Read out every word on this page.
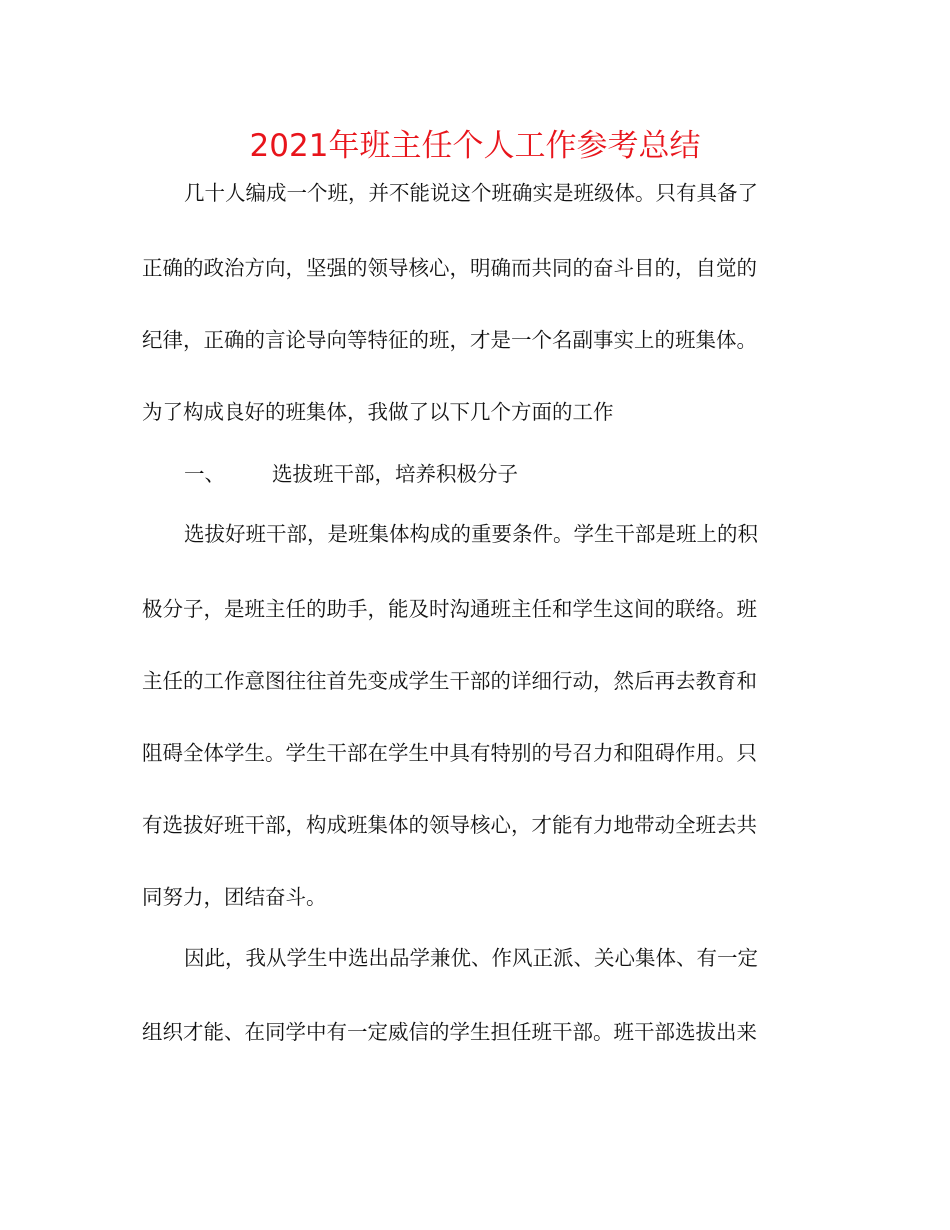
2021年班主任个人工作参考总结
几十人编成一个班，并不能说这个班确实是班级体。只有具备了
正确的政治方向，坚强的领导核心，明确而共同的奋斗目的，自觉的
纪律，正确的言论导向等特征的班，才是一个名副事实上的班集体。
为了构成良好的班集体，我做了以下几个方面的工作
一、 选拔班干部，培养积极分子
选拔好班干部，是班集体构成的重要条件。学生干部是班上的积
极分子，是班主任的助手，能及时沟通班主任和学生这间的联络。班
主任的工作意图往往首先变成学生干部的详细行动，然后再去教育和
阻碍全体学生。学生干部在学生中具有特别的号召力和阻碍作用。只
有选拔好班干部，构成班集体的领导核心，才能有力地带动全班去共
同努力，团结奋斗。
因此，我从学生中选出品学兼优、作风正派、关心集体、有一定
组织才能、在同学中有一定威信的学生担任班干部。班干部选拔出来
